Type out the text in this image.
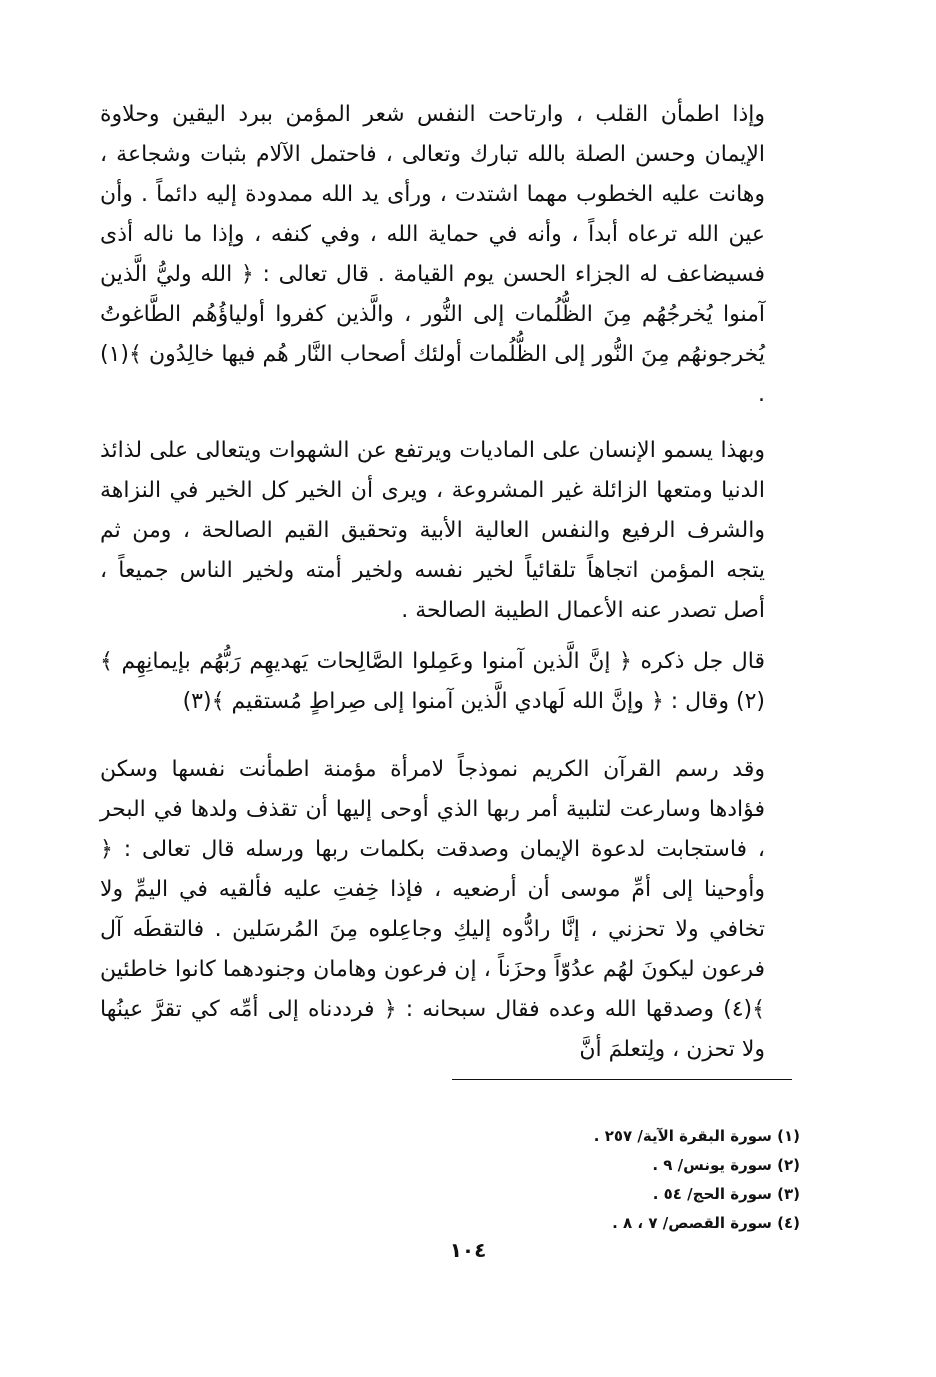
وإذا اطمأن القلب ، وارتاحت النفس شعر المؤمن ببرد اليقين وحلاوة الإيمان وحسن الصلة بالله تبارك وتعالى ، فاحتمل الآلام بثبات وشجاعة ، وهانت عليه الخطوب مهما اشتدت ، ورأى يد الله ممدودة إليه دائماً . وأن عين الله ترعاه أبداً ، وأنه في حماية الله ، وفي كنفه ، وإذا ما ناله أذى فسيضاعف له الجزاء الحسن يوم القيامة . قال تعالى : ﴿ الله وليُّ الَّذين آمنوا يُخرجُهُم مِنَ الظُّلُمات إلى النُّور ، والَّذين كفروا أولياؤُهُم الطَّاغوتُ يُخرجونهُم مِنَ النُّور إلى الظُّلُمات أولئك أصحاب النَّار هُم فيها خالِدُون ﴾(١) .

وبهذا يسمو الإنسان على الماديات ويرتفع عن الشهوات ويتعالى على لذائذ الدنيا ومتعها الزائلة غير المشروعة ، ويرى أن الخير كل الخير في النزاهة والشرف الرفيع والنفس العالية الأبية وتحقيق القيم الصالحة ، ومن ثم يتجه المؤمن اتجاهاً تلقائياً لخير نفسه ولخير أمته ولخير الناس جميعاً ، أصل تصدر عنه الأعمال الطيبة الصالحة .

قال جل ذكره ﴿ إنَّ الَّذين آمنوا وعَمِلوا الصَّالِحات يَهديهِم رَبُّهُم بإيمانِهِم ﴾(٢) وقال : ﴿ وإنَّ الله لَهادي الَّذين آمنوا إلى صِراطٍ مُستقيم ﴾(٣)

وقد رسم القرآن الكريم نموذجاً لامرأة مؤمنة اطمأنت نفسها وسكن فؤادها وسارعت لتلبية أمر ربها الذي أوحى إليها أن تقذف ولدها في البحر ، فاستجابت لدعوة الإيمان وصدقت بكلمات ربها ورسله قال تعالى : ﴿ وأوحينا إلى أمِّ موسى أن أرضعيه ، فإذا خِفتِ عليه فألقيه في اليمِّ ولا تخافي ولا تحزني ، إنَّا رادُّوه إليكِ وجاعِلوه مِنَ المُرسَلين . فالتقطَه آل فرعون ليكونَ لهُم عدُوّاً وحزَناً ، إن فرعون وهامان وجنودهما كانوا خاطئين ﴾(٤) وصدقها الله وعده فقال سبحانه : ﴿ فرددناه إلى أمِّه كي تقرَّ عينُها ولا تحزن ، ولِتعلمَ أنَّ

(١) سورة البقرة الآية/ ٢٥٧ .
(٢) سورة يونس/ ٩ .
(٣) سورة الحج/ ٥٤ .
(٤) سورة القصص/ ٧ ، ٨ .
١٠٤
